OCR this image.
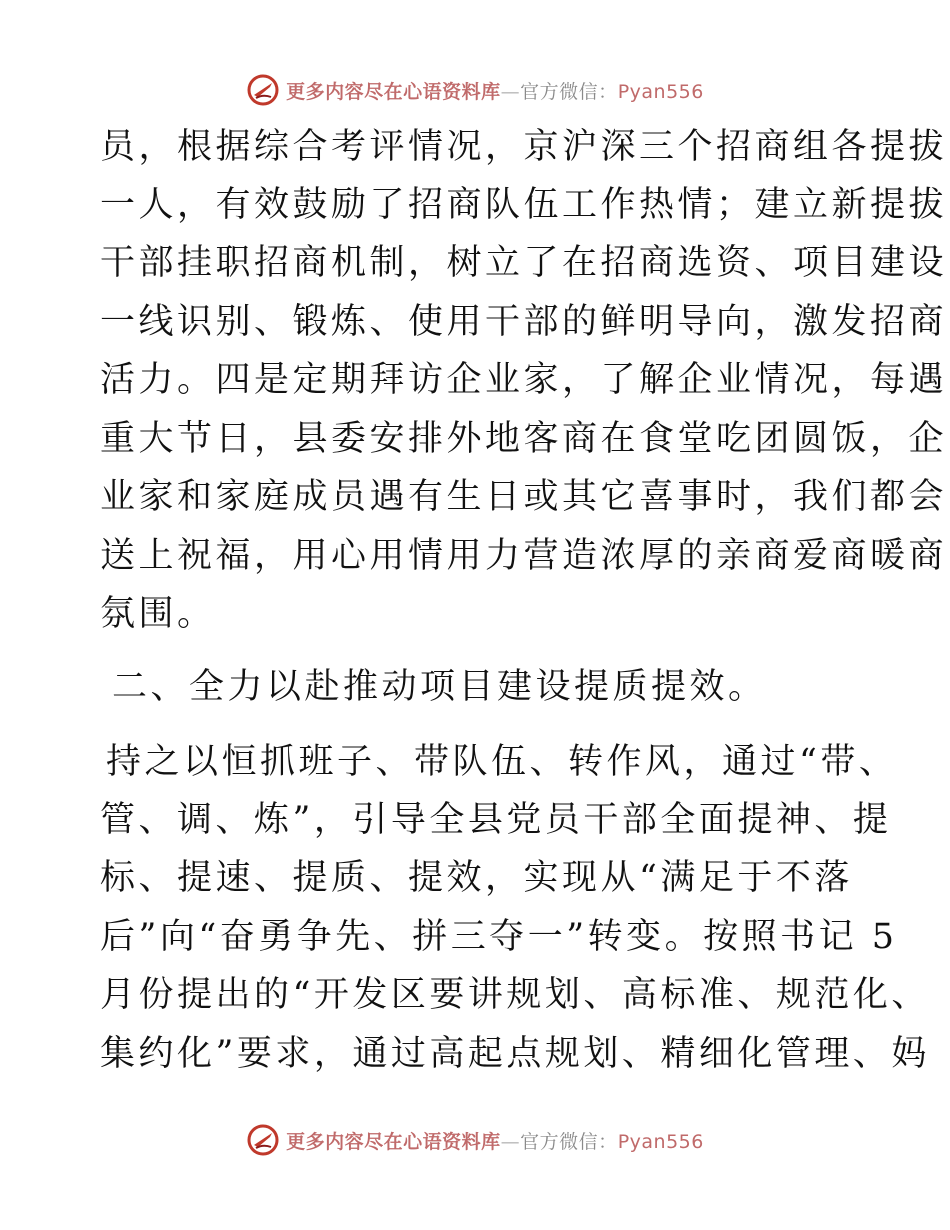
更多内容尽在心语资料库—官方微信：Pyan556
员，根据综合考评情况，京沪深三个招商组各提拔
一人，有效鼓励了招商队伍工作热情；建立新提拔
干部挂职招商机制，树立了在招商选资、项目建设
一线识别、锻炼、使用干部的鲜明导向，激发招商
活力。四是定期拜访企业家，了解企业情况，每遇
重大节日，县委安排外地客商在食堂吃团圆饭，企
业家和家庭成员遇有生日或其它喜事时，我们都会
送上祝福，用心用情用力营造浓厚的亲商爱商暖商
氛围。
二、全力以赴推动项目建设提质提效。
持之以恒抓班子、带队伍、转作风，通过“带、
管、调、炼”，引导全县党员干部全面提神、提
标、提速、提质、提效，实现从“满足于不落
后”向“奋勇争先、拼三夺一”转变。按照书记 5
月份提出的“开发区要讲规划、高标准、规范化、
集约化”要求，通过高起点规划、精细化管理、妈
更多内容尽在心语资料库—官方微信：Pyan556
